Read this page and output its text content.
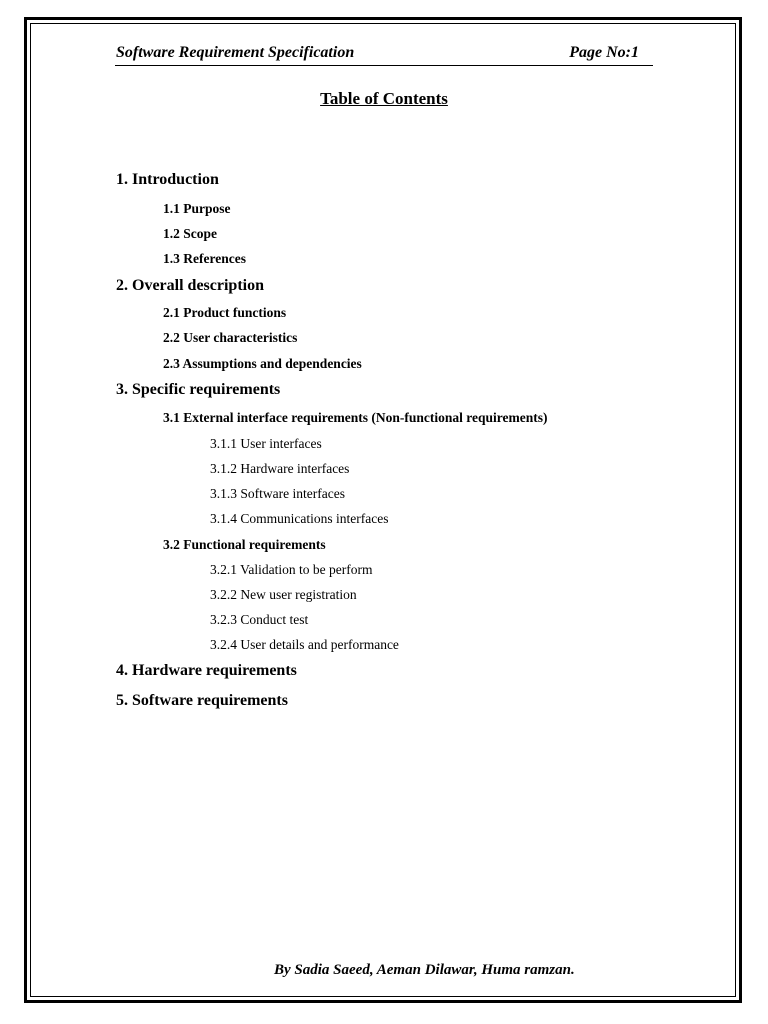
Software Requirement Specification	Page No:1
Table of Contents
1. Introduction
1.1 Purpose
1.2 Scope
1.3 References
2. Overall description
2.1 Product functions
2.2 User characteristics
2.3 Assumptions and dependencies
3. Specific requirements
3.1 External interface requirements (Non-functional requirements)
3.1.1 User interfaces
3.1.2 Hardware interfaces
3.1.3 Software interfaces
3.1.4 Communications interfaces
3.2 Functional requirements
3.2.1 Validation to be perform
3.2.2 New user registration
3.2.3 Conduct test
3.2.4 User details and performance
4. Hardware requirements
5. Software requirements
By Sadia Saeed, Aeman Dilawar, Huma ramzan.
